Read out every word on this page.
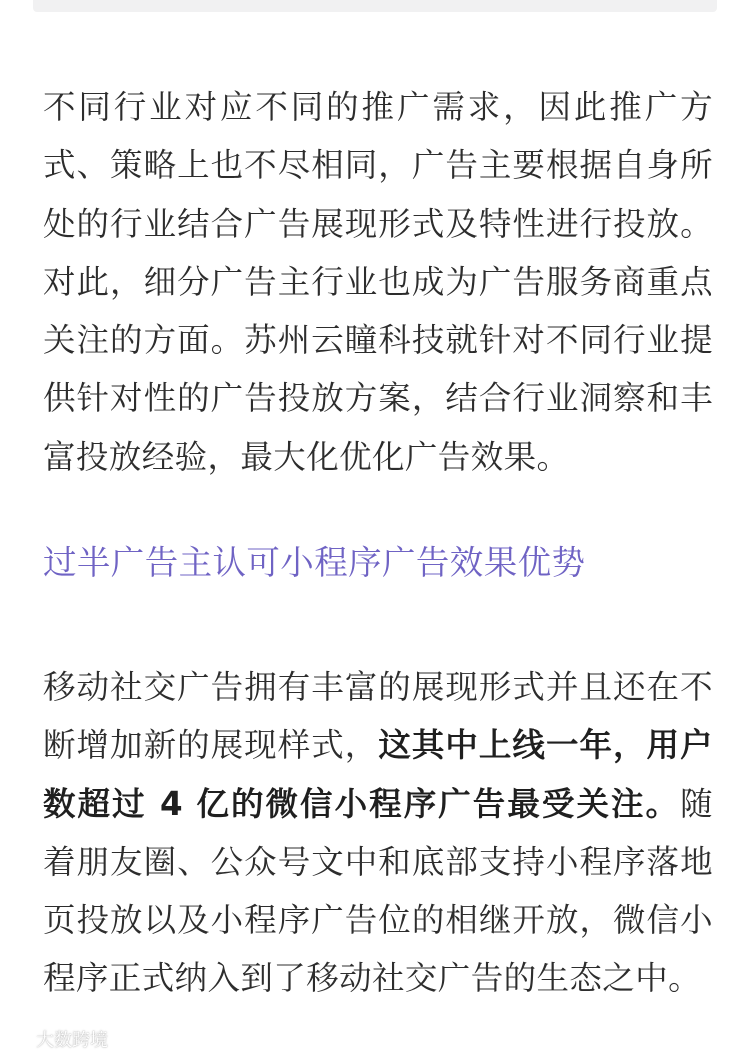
不同行业对应不同的推广需求，因此推广方式、策略上也不尽相同，广告主要根据自身所处的行业结合广告展现形式及特性进行投放。对此，细分广告主行业也成为广告服务商重点关注的方面。苏州云瞳科技就针对不同行业提供针对性的广告投放方案，结合行业洞察和丰富投放经验，最大化优化广告效果。

过半广告主认可小程序广告效果优势

移动社交广告拥有丰富的展现形式并且还在不断增加新的展现样式，这其中上线一年，用户数超过 4 亿的微信小程序广告最受关注。随着朋友圈、公众号文中和底部支持小程序落地页投放以及小程序广告位的相继开放，微信小程序正式纳入到了移动社交广告的生态之中。

大数跨境
